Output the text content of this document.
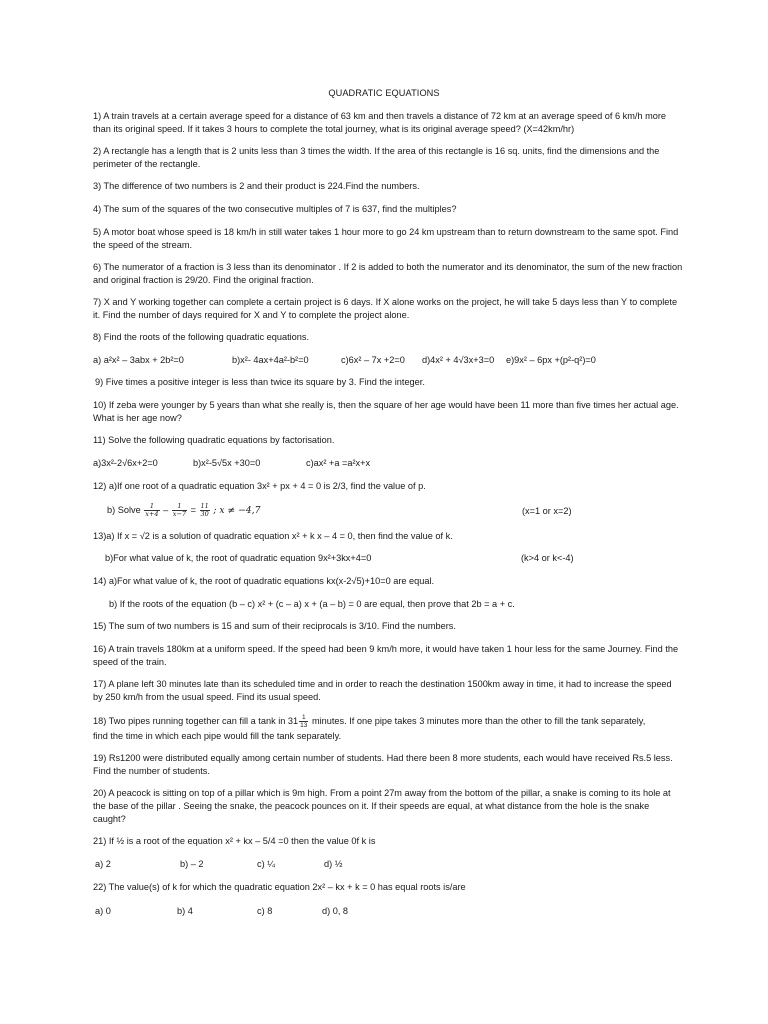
QUADRATIC EQUATIONS
1) A train travels at a certain average speed for a distance of 63 km and then travels a distance of 72 km at an average speed of 6 km/h more than its original speed. If it takes 3 hours to complete the total journey, what is its original average speed? (X=42km/hr)
2) A rectangle has a length that is 2 units less than 3 times the width. If the area of this rectangle is 16 sq. units, find the dimensions and the perimeter of the rectangle.
3) The difference of two numbers is 2 and their product is 224.Find the numbers.
4) The sum of the squares of the two consecutive multiples of 7 is 637, find the multiples?
5) A motor boat whose speed is 18 km/h in still water takes 1 hour more to go 24 km upstream than to return downstream to the same spot. Find the speed of the stream.
6) The numerator of a fraction is 3 less than its denominator . If 2 is added to both the numerator and its denominator, the sum of the new fraction and original fraction is 29/20. Find the original fraction.
7) X and Y working together can complete a certain project is 6 days. If X alone works on the project, he will take 5 days less than Y to complete it. Find the number of days required for X and Y to complete the project alone.
8) Find the roots of the following quadratic equations.
a) a²x² – 3abx + 2b²=0	b)x²- 4ax+4a²-b²=0	c)6x² – 7x +2=0 d)4x² + 4√3x+3=0 e)9x² – 6px +(p²-q²)=0
9) Five times a positive integer is less than twice its square by 3. Find the integer.
10) If zeba were younger by 5 years than what she really is, then the square of her age would have been 11 more than five times her actual age. What is her age now?
11) Solve the following quadratic equations by factorisation.
a)3x²-2√6x+2=0	b)x²-5√5x +30=0	c)ax² +a =a²x+x
12) a)If one root of a quadratic equation 3x² + px + 4 = 0 is 2/3, find the value of p.
b) Solve $\frac{1}{x+4} - \frac{1}{x-7} = \frac{11}{30}$ ; x ≠ −4,7	(x=1 or x=2)
13)a) If x = √2 is a solution of quadratic equation x² + k x – 4 = 0, then find the value of k.
b)For what value of k, the root of quadratic equation 9x²+3kx+4=0	(k>4 or k<-4)
14) a)For what value of k, the root of quadratic equations kx(x-2√5)+10=0 are equal.
b) If the roots of the equation (b – c) x² + (c – a) x + (a – b) = 0 are equal, then prove that 2b = a + c.
15) The sum of two numbers is 15 and sum of their reciprocals is 3/10. Find the numbers.
16) A train travels 180km at a uniform speed. If the speed had been 9 km/h more, it would have taken 1 hour less for the same Journey. Find the speed of the train.
17) A plane left 30 minutes late than its scheduled time and in order to reach the destination 1500km away in time, it had to increase the speed by 250 km/h from the usual speed. Find its usual speed.
18) Two pipes running together can fill a tank in $31 \frac{1}{13}$ minutes. If one pipe takes 3 minutes more than the other to fill the tank separately,
find the time in which each pipe would fill the tank separately.
19) Rs1200 were distributed equally among certain number of students. Had there been 8 more students, each would have received Rs.5 less. Find the number of students.
20) A peacock is sitting on top of a pillar which is 9m high. From a point 27m away from the bottom of the pillar, a snake is coming to its hole at the base of the pillar . Seeing the snake, the peacock pounces on it. If their speeds are equal, at what distance from the hole is the snake caught?
21) If ½ is a root of the equation x² + kx – 5/4 =0 then the value 0f k is
a) 2	b) – 2	c) ¼	d) ½
22) The value(s) of k for which the quadratic equation 2x² – kx + k = 0 has equal roots is/are
a) 0	b) 4	c) 8	d) 0, 8
